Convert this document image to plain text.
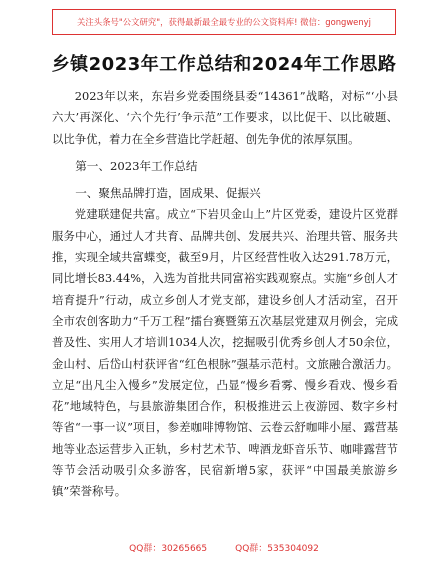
关注头条号"公文研究"，获得最新最全最专业的公文资料库! 微信：gongwenyj
乡镇2023年工作总结和2024年工作思路

2023年以来，东岩乡党委围绕县委“14361”战略，对标“‘小县六大’再深化、‘六个先行’争示范”工作要求，以比促干、以比破题、以比争优，着力在全乡营造比学赶超、创先争优的浓厚氛围。

第一、2023年工作总结

一、聚焦品牌打造，固成果、促振兴

党建联建促共富。成立“下岩贝金山上”片区党委，建设片区党群服务中心，通过人才共育、品牌共创、发展共兴、治理共管、服务共推，实现全域共富蝶变，截至9月，片区经营性收入达291.78万元，同比增长83.44%，入选为首批共同富裕实践观察点。实施“乡创人才培育提升”行动，成立乡创人才党支部，建设乡创人才活动室，召开全市农创客助力“千万工程”擂台赛暨第五次基层党建双月例会，完成普及性、实用人才培训1034人次，挖掘吸引优秀乡创人才50余位，金山村、后岱山村获评省“红色根脉”强基示范村。文旅融合激活力。立足“出凡尘入慢乡”发展定位，凸显“慢乡看雾、慢乡看戏、慢乡看花”地域特色，与县旅游集团合作，积极推进云上夜游园、数字乡村等省“一事一议”项目，参差咖啡博物馆、云卷云舒咖啡小屋、露营基地等业态运营步入正轨，乡村艺术节、啤酒龙虾音乐节、咖啡露营节等节会活动吸引众多游客，民宿新增5家，获评“中国最美旅游乡镇”荣誉称号。

QQ群：30265665	QQ群：535304092
